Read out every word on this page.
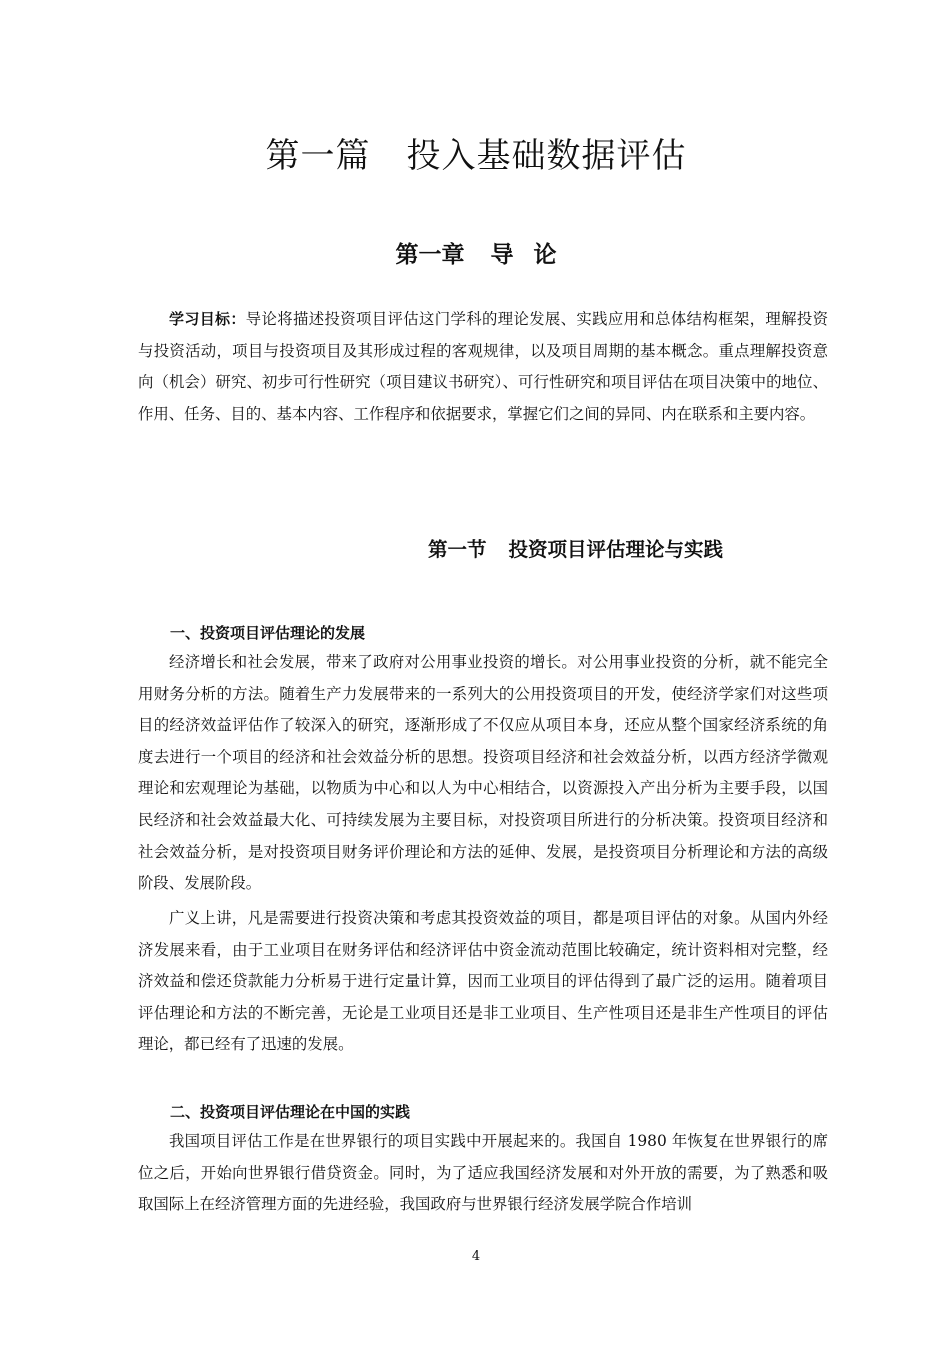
第一篇 投入基础数据评估
第一章 导 论
学习目标：导论将描述投资项目评估这门学科的理论发展、实践应用和总体结构框架，理解投资与投资活动，项目与投资项目及其形成过程的客观规律，以及项目周期的基本概念。重点理解投资意向（机会）研究、初步可行性研究（项目建议书研究）、可行性研究和项目评估在项目决策中的地位、作用、任务、目的、基本内容、工作程序和依据要求，掌握它们之间的异同、内在联系和主要内容。
第一节 投资项目评估理论与实践
一、投资项目评估理论的发展
经济增长和社会发展，带来了政府对公用事业投资的增长。对公用事业投资的分析，就不能完全用财务分析的方法。随着生产力发展带来的一系列大的公用投资项目的开发，使经济学家们对这些项目的经济效益评估作了较深入的研究，逐渐形成了不仅应从项目本身，还应从整个国家经济系统的角度去进行一个项目的经济和社会效益分析的思想。投资项目经济和社会效益分析，以西方经济学微观理论和宏观理论为基础，以物质为中心和以人为中心相结合，以资源投入产出分析为主要手段，以国民经济和社会效益最大化、可持续发展为主要目标，对投资项目所进行的分析决策。投资项目经济和社会效益分析，是对投资项目财务评价理论和方法的延伸、发展，是投资项目分析理论和方法的高级阶段、发展阶段。
广义上讲，凡是需要进行投资决策和考虑其投资效益的项目，都是项目评估的对象。从国内外经济发展来看，由于工业项目在财务评估和经济评估中资金流动范围比较确定，统计资料相对完整，经济效益和偿还贷款能力分析易于进行定量计算，因而工业项目的评估得到了最广泛的运用。随着项目评估理论和方法的不断完善，无论是工业项目还是非工业项目、生产性项目还是非生产性项目的评估理论，都已经有了迅速的发展。
二、投资项目评估理论在中国的实践
我国项目评估工作是在世界银行的项目实践中开展起来的。我国自 1980 年恢复在世界银行的席位之后，开始向世界银行借贷资金。同时，为了适应我国经济发展和对外开放的需要，为了熟悉和吸取国际上在经济管理方面的先进经验，我国政府与世界银行经济发展学院合作培训
4
